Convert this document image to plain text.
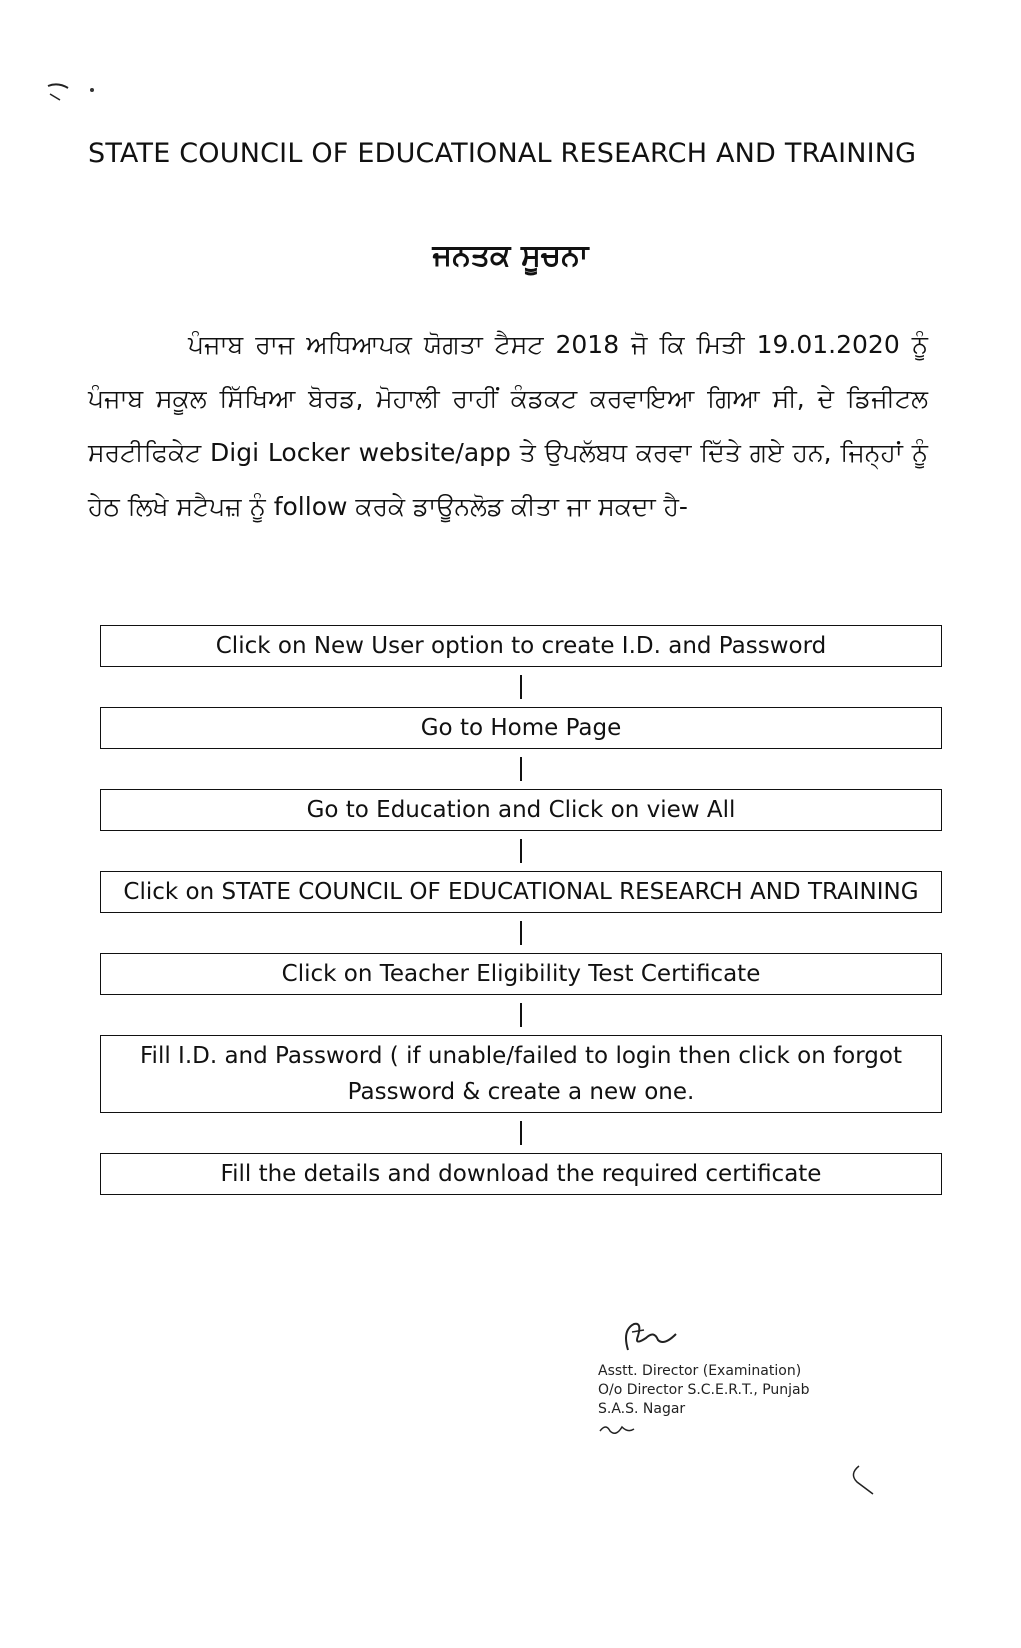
STATE COUNCIL OF EDUCATIONAL RESEARCH AND TRAINING
ਜਨਤਕ ਸੂਚਨਾ
ਪੰਜਾਬ ਰਾਜ ਅਧਿਆਪਕ ਯੋਗਤਾ ਟੈਸਟ 2018 ਜੋ ਕਿ ਮਿਤੀ 19.01.2020 ਨੂੰ ਪੰਜਾਬ ਸਕੂਲ ਸਿੱਖਿਆ ਬੋਰਡ, ਮੋਹਾਲੀ ਰਾਹੀਂ ਕੰਡਕਟ ਕਰਵਾਇਆ ਗਿਆ ਸੀ, ਦੇ ਡਿਜੀਟਲ ਸਰਟੀਫਿਕੇਟ Digi Locker website/app ਤੇ ਉਪਲੱਬਧ ਕਰਵਾ ਦਿੱਤੇ ਗਏ ਹਨ, ਜਿਨ੍ਹਾਂ ਨੂੰ ਹੇਠ ਲਿਖੇ ਸਟੈਪਜ਼ ਨੂੰ follow ਕਰਕੇ ਡਾਊਨਲੋਡ ਕੀਤਾ ਜਾ ਸਕਦਾ ਹੈ-
Click on New User option to create I.D. and Password
Go to Home Page
Go to Education and Click on view All
Click on STATE COUNCIL OF EDUCATIONAL RESEARCH AND TRAINING
Click on Teacher Eligibility Test Certificate
Fill I.D. and Password ( if unable/failed to login then click on forgot Password & create a new one.
Fill the details and download the required certificate
Asstt. Director (Examination)
O/o Director S.C.E.R.T., Punjab
S.A.S. Nagar
